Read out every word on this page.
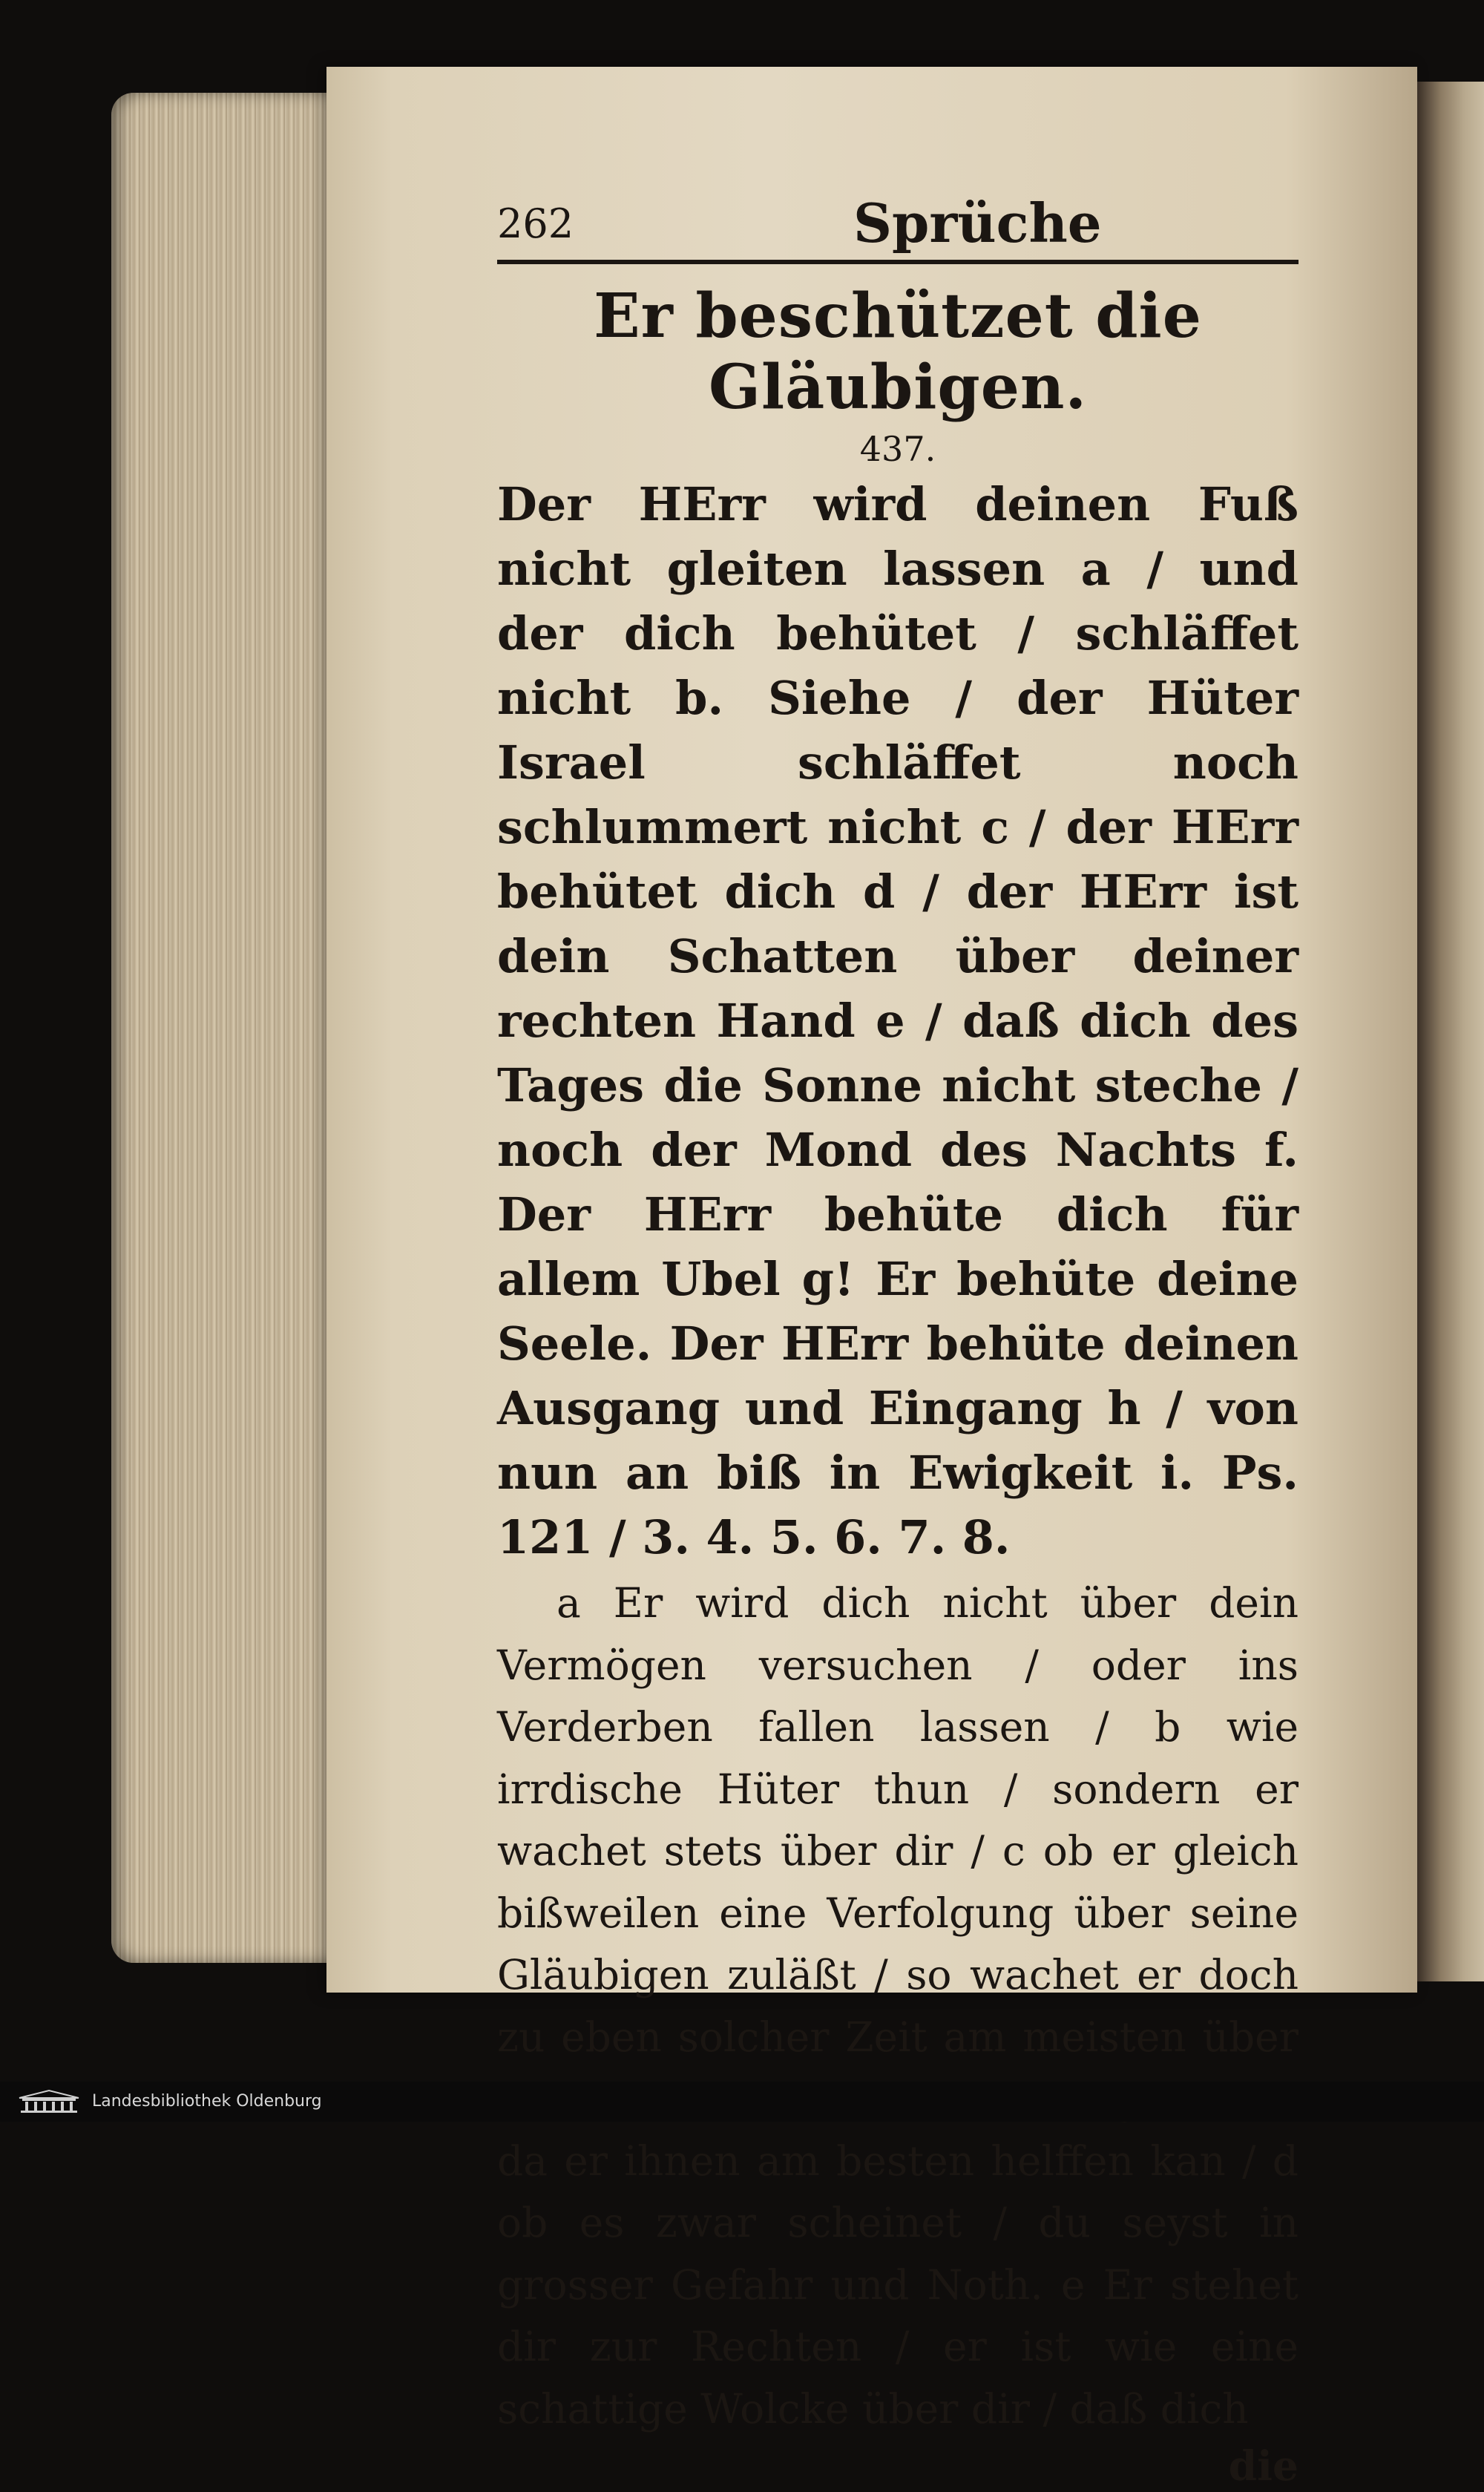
262	Sprüche
Er beschützet die Gläubigen.
437.

Der HErr wird deinen Fuß nicht gleiten lassen a / und der dich behütet / schläffet nicht b. Siehe / der Hüter Israel schläffet noch schlummert nicht c / der HErr behütet dich d / der HErr ist dein Schatten über deiner rechten Hand e / daß dich des Tages die Sonne nicht steche / noch der Mond des Nachts f. Der HErr behüte dich für allem Ubel g! Er behüte deine Seele. Der HErr behüte deinen Ausgang und Eingang h / von nun an biß in Ewigkeit i. Ps. 121 / 3. 4. 5. 6. 7. 8.

a Er wird dich nicht über dein Vermögen versuchen / oder ins Verderben fallen lassen / b wie irrdische Hüter thun / sondern er wachet stets über dir / c ob er gleich bißweilen eine Verfolgung über seine Gläubigen zuläßt / so wachet er doch zu eben solcher Zeit am meisten über da er ihnen am besten helffen kan / d ob es zwar scheinet / du seyst in grosser Gefahr und Noth. e Er stehet dir zur Rechten / er ist wie eine schattige Wolcke über dir / daß dich

die
Landesbibliothek Oldenburg
